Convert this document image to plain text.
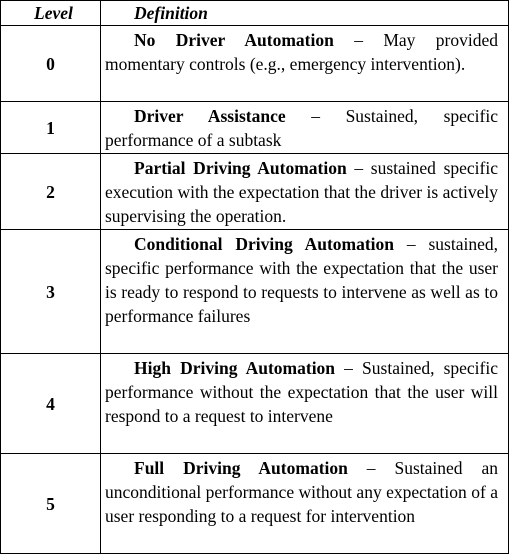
Level	Definition
0	No Driver Automation – May provided momentary controls (e.g., emergency intervention).
1	Driver Assistance – Sustained, specific performance of a subtask
2	Partial Driving Automation – sustained specific execution with the expectation that the driver is actively supervising the operation.
3	Conditional Driving Automation – sustained, specific performance with the expectation that the user is ready to respond to requests to intervene as well as to performance failures
4	High Driving Automation – Sustained, specific performance without the expectation that the user will respond to a request to intervene
5	Full Driving Automation – Sustained an unconditional performance without any expectation of a user responding to a request for intervention
